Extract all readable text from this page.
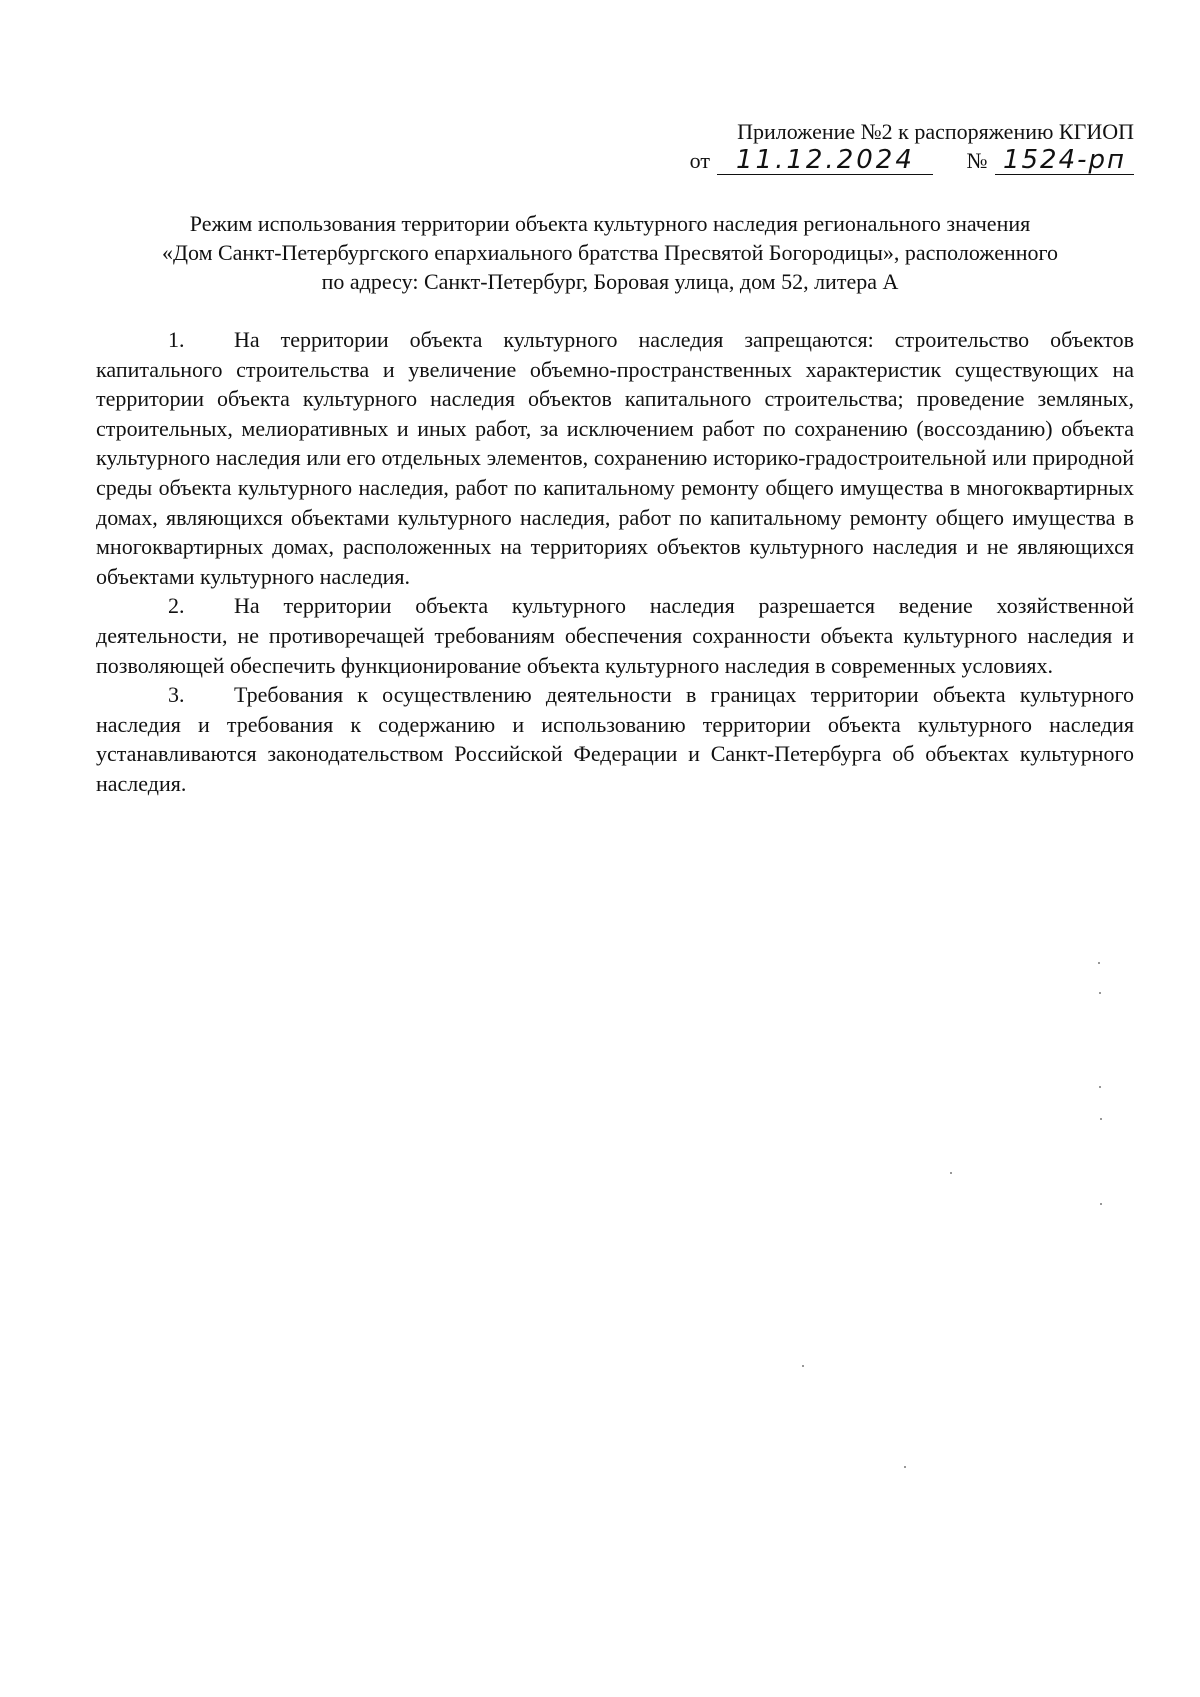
Приложение №2 к распоряжению КГИОП
от 11.12.2024 № 1524-рп
Режим использования территории объекта культурного наследия регионального значения
«Дом Санкт-Петербургского епархиального братства Пресвятой Богородицы», расположенного
по адресу: Санкт-Петербург, Боровая улица, дом 52, литера А

1. На территории объекта культурного наследия запрещаются: строительство объектов капитального строительства и увеличение объемно-пространственных характеристик существующих на территории объекта культурного наследия объектов капитального строительства; проведение земляных, строительных, мелиоративных и иных работ, за исключением работ по сохранению (воссозданию) объекта культурного наследия или его отдельных элементов, сохранению историко-градостроительной или природной среды объекта культурного наследия, работ по капитальному ремонту общего имущества в многоквартирных домах, являющихся объектами культурного наследия, работ по капитальному ремонту общего имущества в многоквартирных домах, расположенных на территориях объектов культурного наследия и не являющихся объектами культурного наследия.

2. На территории объекта культурного наследия разрешается ведение хозяйственной деятельности, не противоречащей требованиям обеспечения сохранности объекта культурного наследия и позволяющей обеспечить функционирование объекта культурного наследия в современных условиях.

3. Требования к осуществлению деятельности в границах территории объекта культурного наследия и требования к содержанию и использованию территории объекта культурного наследия устанавливаются законодательством Российской Федерации и Санкт-Петербурга об объектах культурного наследия.
